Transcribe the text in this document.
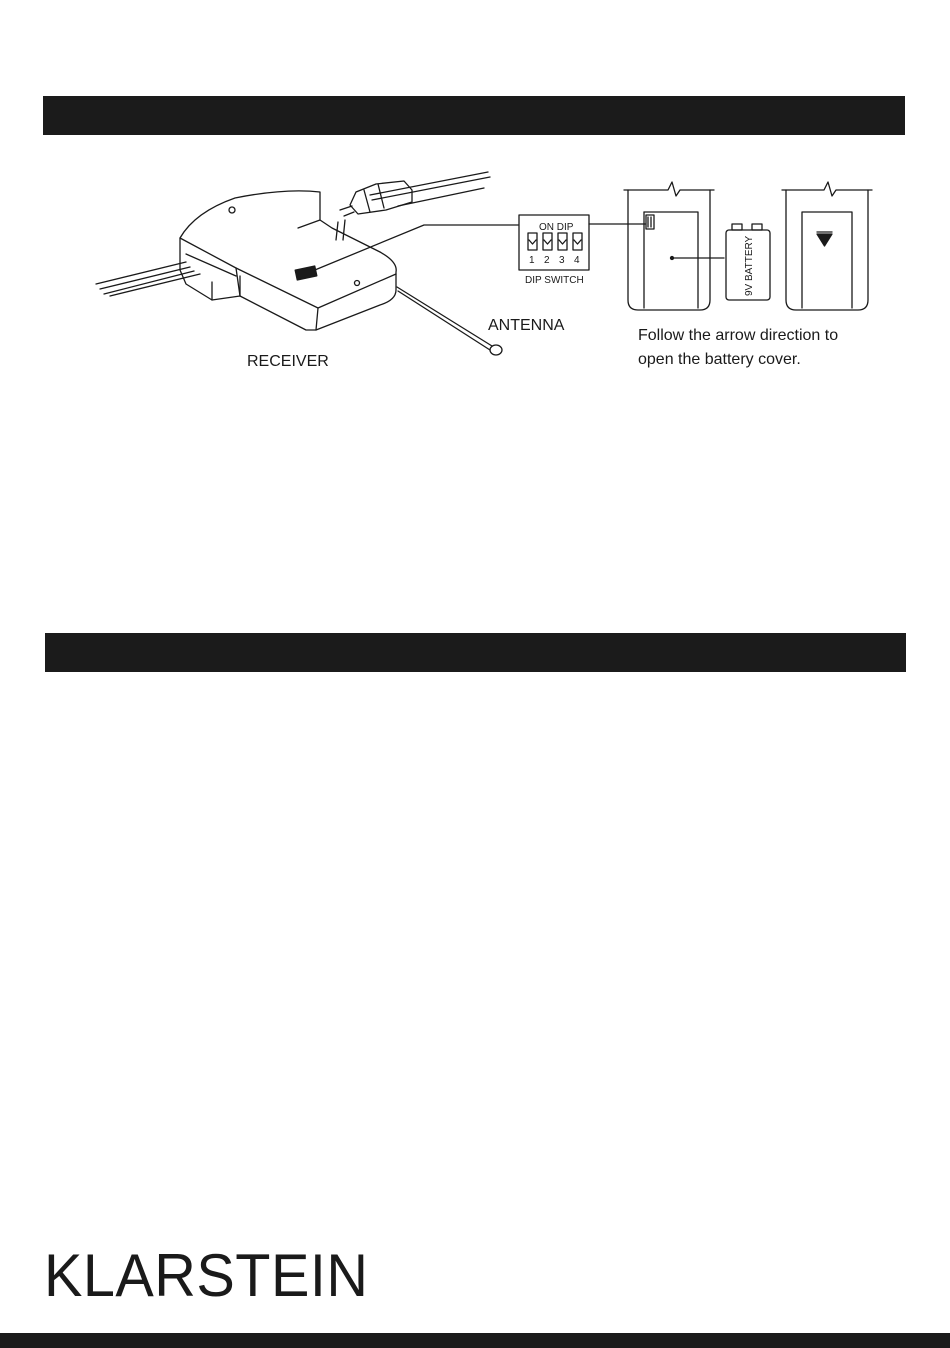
RECEIVER
ANTENNA
ON DIP
1 2 3 4
DIP SWITCH	9V BATTERY
Follow the arrow direction to
open the battery cover.
KLARSTEIN
